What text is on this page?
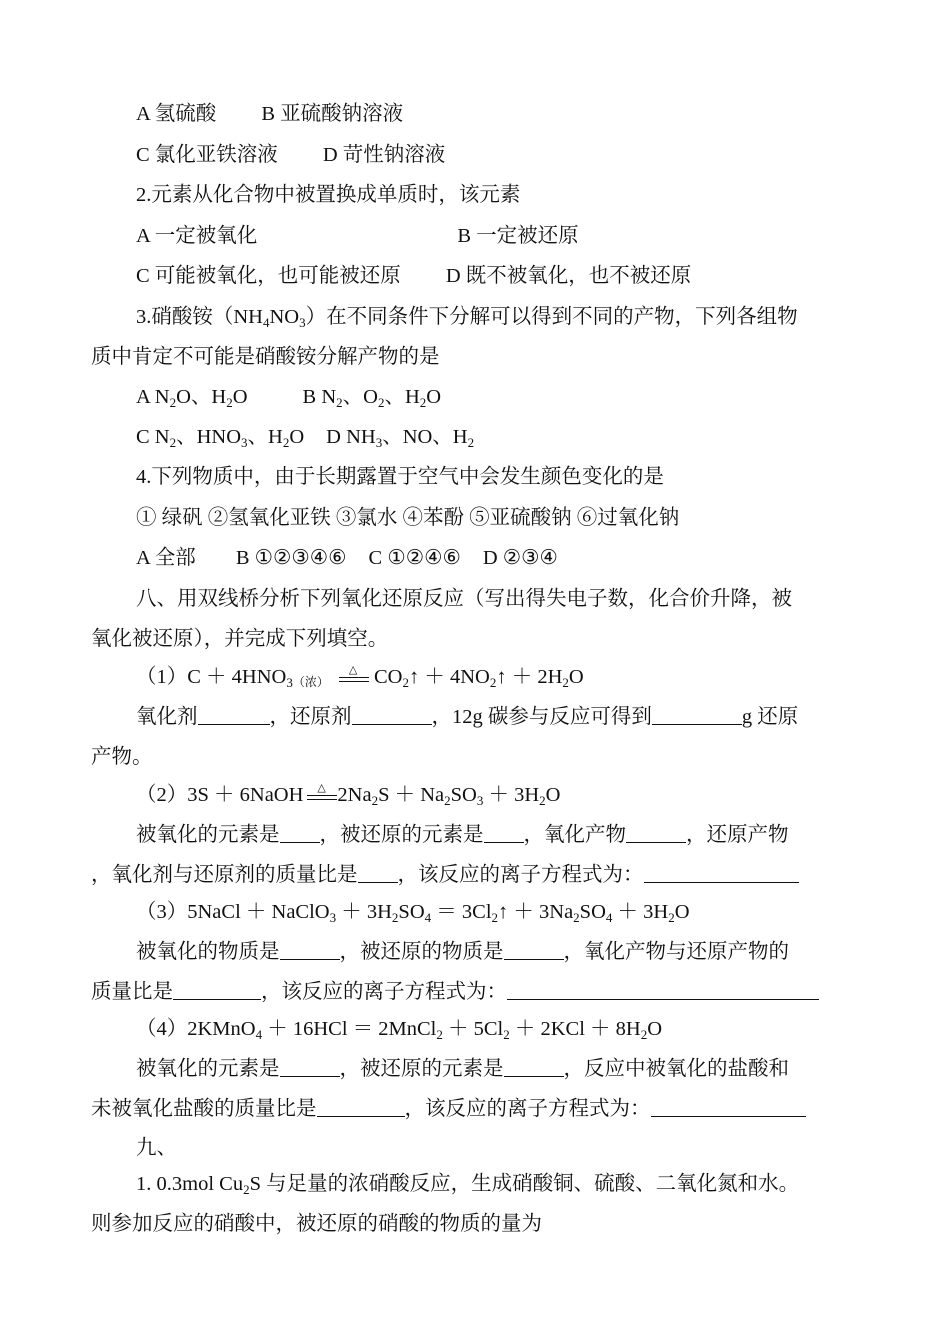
A 氢硫酸 B 亚硫酸钠溶液
C 氯化亚铁溶液 D 苛性钠溶液
2.元素从化合物中被置换成单质时，该元素
A 一定被氧化	B 一定被还原
C 可能被氧化，也可能被还原 D 既不被氧化，也不被还原
3.硝酸铵$(NH_4NO_3)$在不同条件下分解可以得到不同的产物，下列各组物
质中肯定不可能是硝酸铵分解产物的是
A $N_2O$、$H_2O$	B $N_2$、$O_2$、$H_2O$
C $N_2$、$HNO_3$、$H_2O$ D $NH_3$、NO、$H_2$
4.下列物质中，由于长期露置于空气中会发生颜色变化的是
① 绿矾 ②氢氧化亚铁 ③氯水 ④苯酚 ⑤亚硫酸钠 ⑥过氧化钠
A 全部 B ①②③④⑥ C ①②④⑥ D ②③④
八、用双线桥分析下列氧化还原反应（写出得失电子数，化合价升降，被
氧化被还原），并完成下列填空。
$(1)C + 4HNO_3$（浓）
△ $CO_2↑$ ＋ $4NO_2↑ + 2H_2O$
氧化剂	，还原剂	，12g 碳参与反应可得到	g 还原
产物。
（2）3S ＋ 6NaOH △ $2Na_2S + Na_2SO_3 + 3H_2O$
被氧化的元素是 ，被还原的元素是 ，氧化产物	，还原产物
，氧化剂与还原剂的质量比是 ，该反应的离子方程式为：
（3）5NaCl ＋ NaClO$_3$ ＋ $3H_2SO_4$ ＝ $3Cl_2↑ + 3Na_2SO_4 + 3H_2O$
被氧化的物质是	，被还原的物质是	，氧化产物与还原产物的
质量比是	，该反应的离子方程式为：
（4）2KMnO$_4$ ＋ 16HCl ＝ 2MnCl$_2$ ＋ $5Cl_2 + 2KCl + 8H_2O$
被氧化的元素是	，被还原的元素是	，反应中被氧化的盐酸和
未被氧化盐酸的质量比是	，该反应的离子方程式为：
九、
1. 0.3mol $Cu_2S$ 与足量的浓硝酸反应，生成硝酸铜、硫酸、二氧化氮和水。
则参加反应的硝酸中，被还原的硝酸的物质的量为
